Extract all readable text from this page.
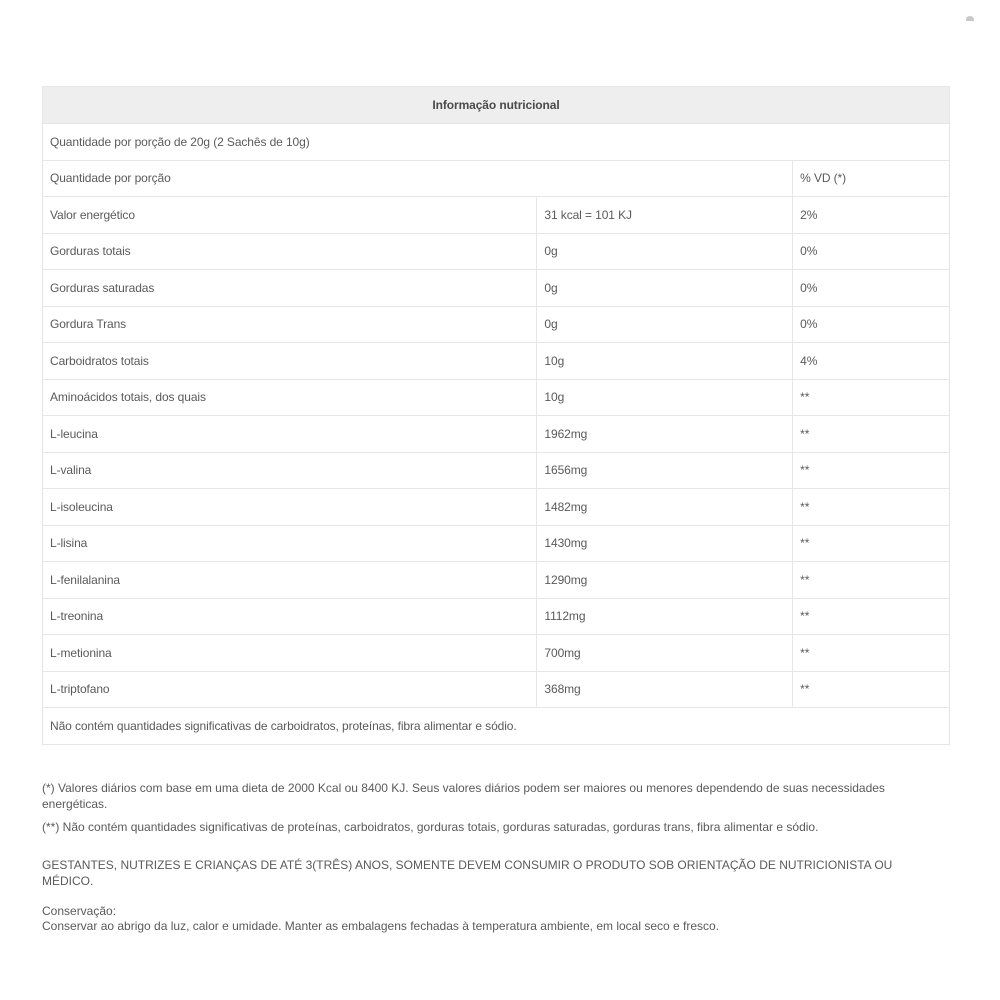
Informação nutricional		
Quantidade por porção de 20g (2 Sachês de 10g)		
Quantidade por porção		% VD (*)
Valor energético	31 kcal = 101 KJ	2%
Gorduras totais	0g	0%
Gorduras saturadas	0g	0%
Gordura Trans	0g	0%
Carboidratos totais	10g	4%
Aminoácidos totais, dos quais	10g	**
L-leucina	1962mg	**
L-valina	1656mg	**
L-isoleucina	1482mg	**
L-lisina	1430mg	**
L-fenilalanina	1290mg	**
L-treonina	1112mg	**
L-metionina	700mg	**
L-triptofano	368mg	**
Não contém quantidades significativas de carboidratos, proteínas, fibra alimentar e sódio.		

(*) Valores diários com base em uma dieta de 2000 Kcal ou 8400 KJ. Seus valores diários podem ser maiores ou menores dependendo de suas necessidades energéticas.

(**) Não contém quantidades significativas de proteínas, carboidratos, gorduras totais, gorduras saturadas, gorduras trans, fibra alimentar e sódio.

GESTANTES, NUTRIZES E CRIANÇAS DE ATÉ 3(TRÊS) ANOS, SOMENTE DEVEM CONSUMIR O PRODUTO SOB ORIENTAÇÃO DE NUTRICIONISTA OU MÉDICO.

Conservação:

Conservar ao abrigo da luz, calor e umidade. Manter as embalagens fechadas à temperatura ambiente, em local seco e fresco.
